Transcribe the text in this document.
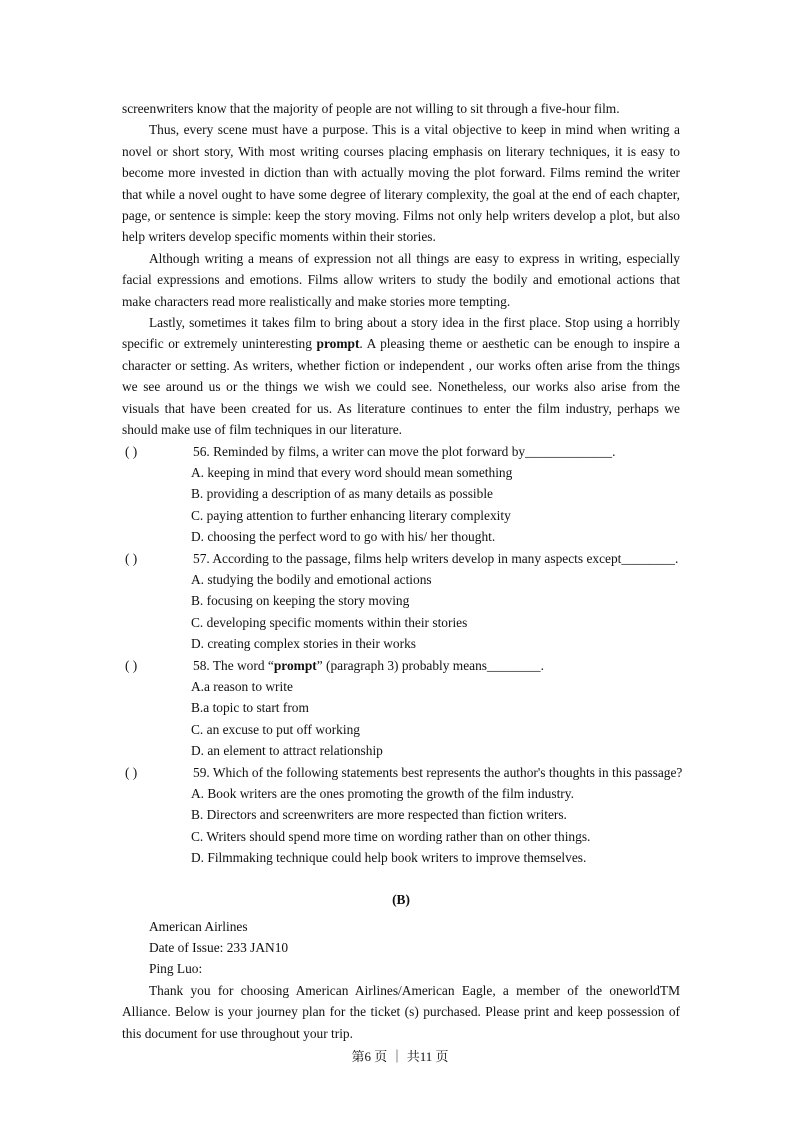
screenwriters know that the majority of people are not willing to sit through a five-hour film.

Thus, every scene must have a purpose. This is a vital objective to keep in mind when writing a novel or short story, With most writing courses placing emphasis on literary techniques, it is easy to become more invested in diction than with actually moving the plot forward. Films remind the writer that while a novel ought to have some degree of literary complexity, the goal at the end of each chapter, page, or sentence is simple: keep the story moving. Films not only help writers develop a plot, but also help writers develop specific moments within their stories.

Although writing a means of expression not all things are easy to express in writing, especially facial expressions and emotions. Films allow writers to study the bodily and emotional actions that make characters read more realistically and make stories more tempting.

Lastly, sometimes it takes film to bring about a story idea in the first place. Stop using a horribly specific or extremely uninteresting prompt. A pleasing theme or aesthetic can be enough to inspire a character or setting. As writers, whether fiction or independent , our works often arise from the things we see around us or the things we wish we could see. Nonetheless, our works also arise from the visuals that have been created for us. As literature continues to enter the film industry, perhaps we should make use of film techniques in our literature.

( )	56. Reminded by films, a writer can move the plot forward by_____________.

A. keeping in mind that every word should mean something

B. providing a description of as many details as possible

C. paying attention to further enhancing literary complexity

D. choosing the perfect word to go with his/ her thought.

( )	57. According to the passage, films help writers develop in many aspects except________.

A. studying the bodily and emotional actions

B. focusing on keeping the story moving

C. developing specific moments within their stories

D. creating complex stories in their works

( )	58. The word “prompt” (paragraph 3) probably means________.

A.a reason to write

B.a topic to start from

C. an excuse to put off working

D. an element to attract relationship

( )	59. Which of the following statements best represents the author's thoughts in this passage?

A. Book writers are the ones promoting the growth of the film industry.

B. Directors and screenwriters are more respected than fiction writers.

C. Writers should spend more time on wording rather than on other things.

D. Filmmaking technique could help book writers to improve themselves.

(B)

American Airlines

Date of Issue: 233 JAN10

Ping Luo:

Thank you for choosing American Airlines/American Eagle, a member of the oneworldTM Alliance. Below is your journey plan for the ticket (s) purchased. Please print and keep possession of this document for use throughout your trip.

第6 页 ｜ 共11 页
